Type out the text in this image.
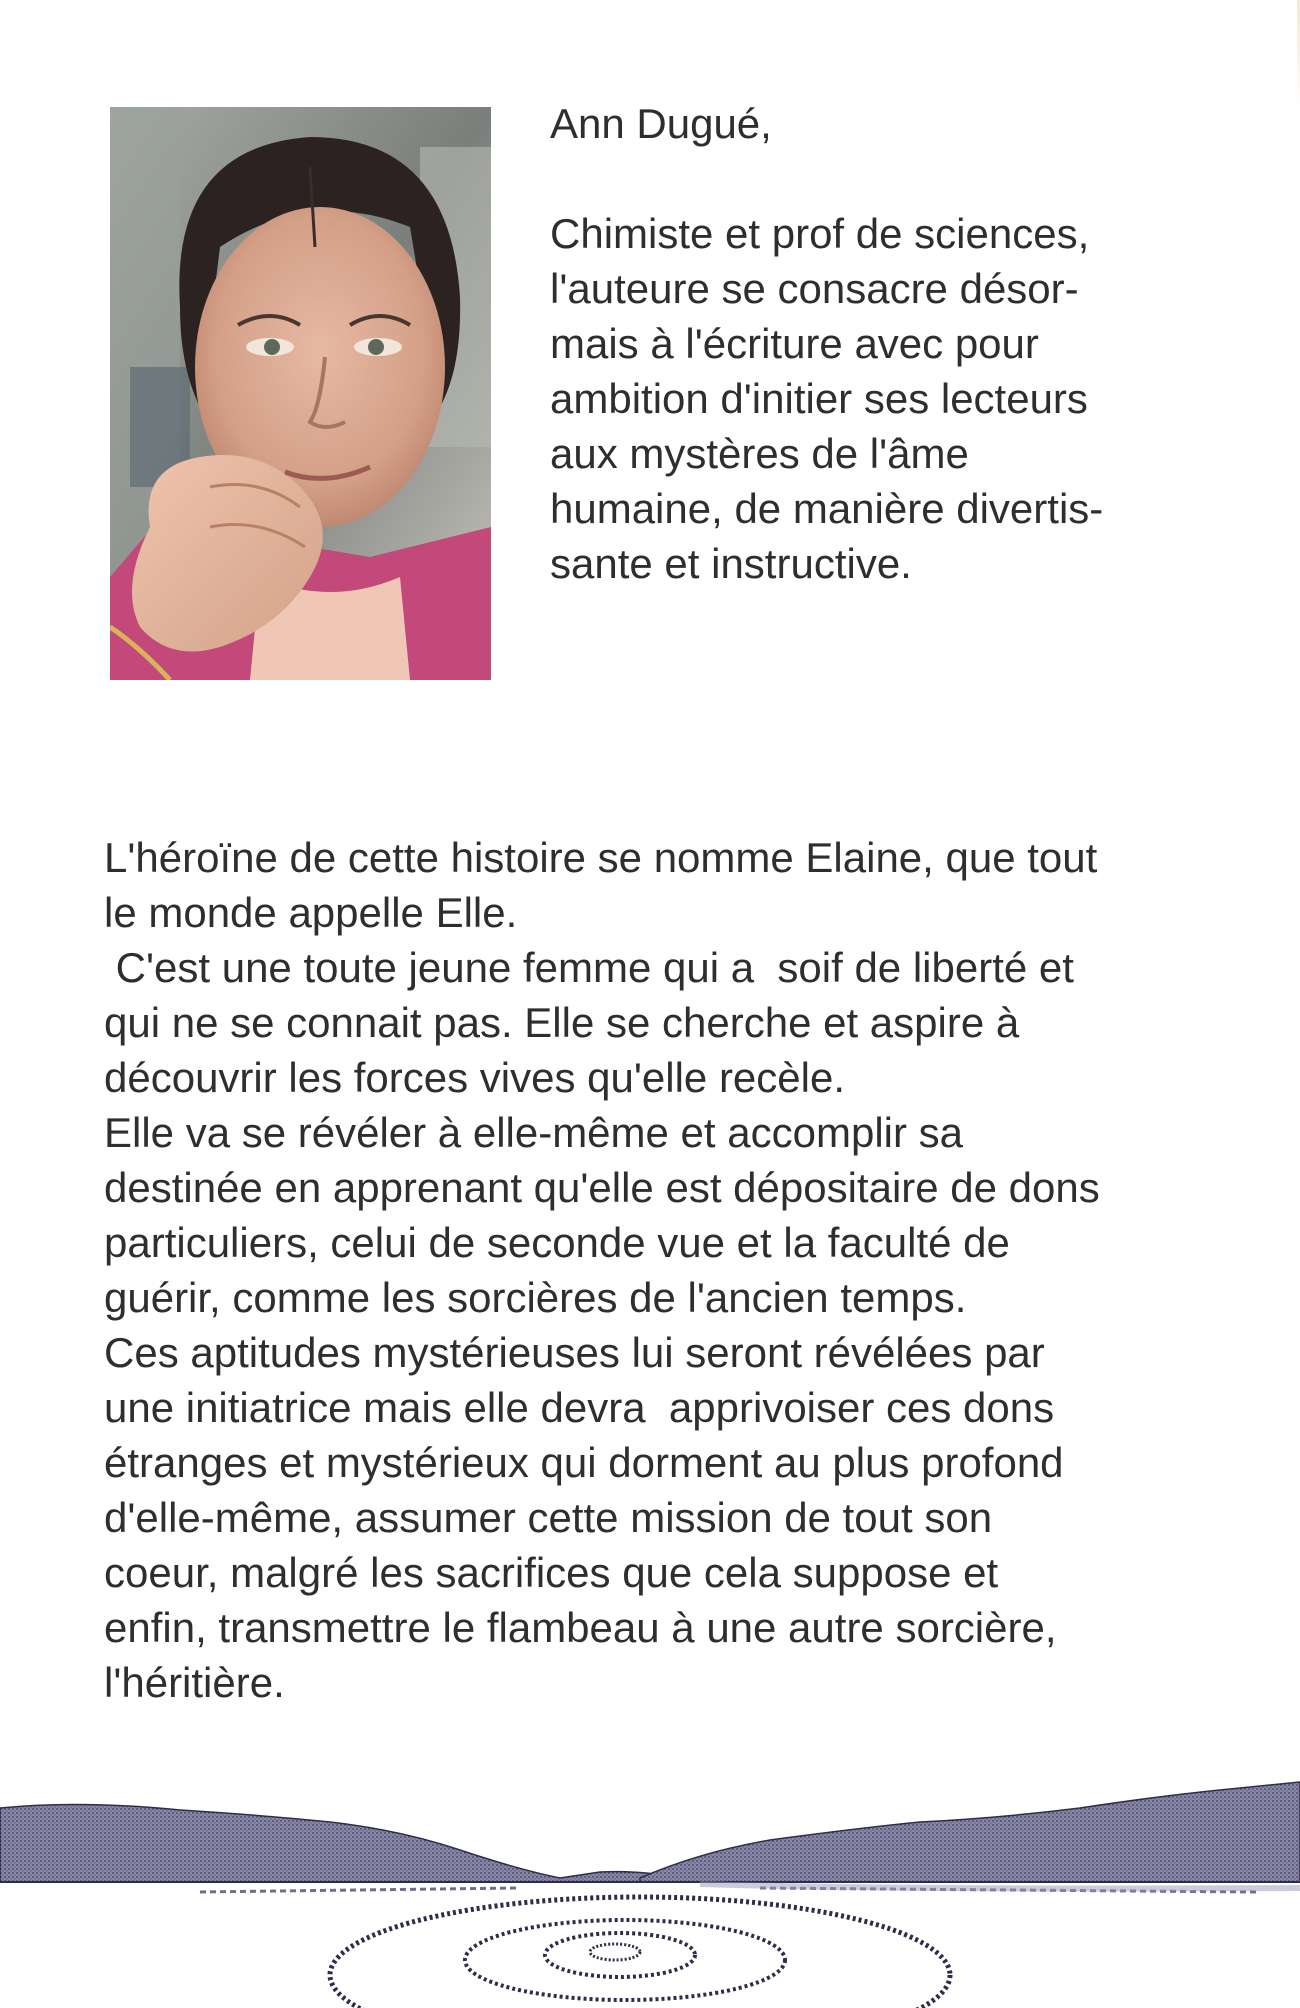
Ann Dugué,
Chimiste et prof de sciences,
l'auteure se consacre désor-
mais à l'écriture avec pour
ambition d'initier ses lecteurs
aux mystères de l'âme
humaine, de manière divertis-
sante et instructive.
L'héroïne de cette histoire se nomme Elaine, que tout
le monde appelle Elle.
C'est une toute jeune femme qui a  soif de liberté et
qui ne se connait pas. Elle se cherche et aspire à
découvrir les forces vives qu'elle recèle.
Elle va se révéler à elle-même et accomplir sa
destinée en apprenant qu'elle est dépositaire de dons
particuliers, celui de seconde vue et la faculté de
guérir, comme les sorcières de l'ancien temps.
Ces aptitudes mystérieuses lui seront révélées par
une initiatrice mais elle devra  apprivoiser ces dons
étranges et mystérieux qui dorment au plus profond
d'elle-même, assumer cette mission de tout son
coeur, malgré les sacrifices que cela suppose et
enfin, transmettre le flambeau à une autre sorcière,
l'héritière.
